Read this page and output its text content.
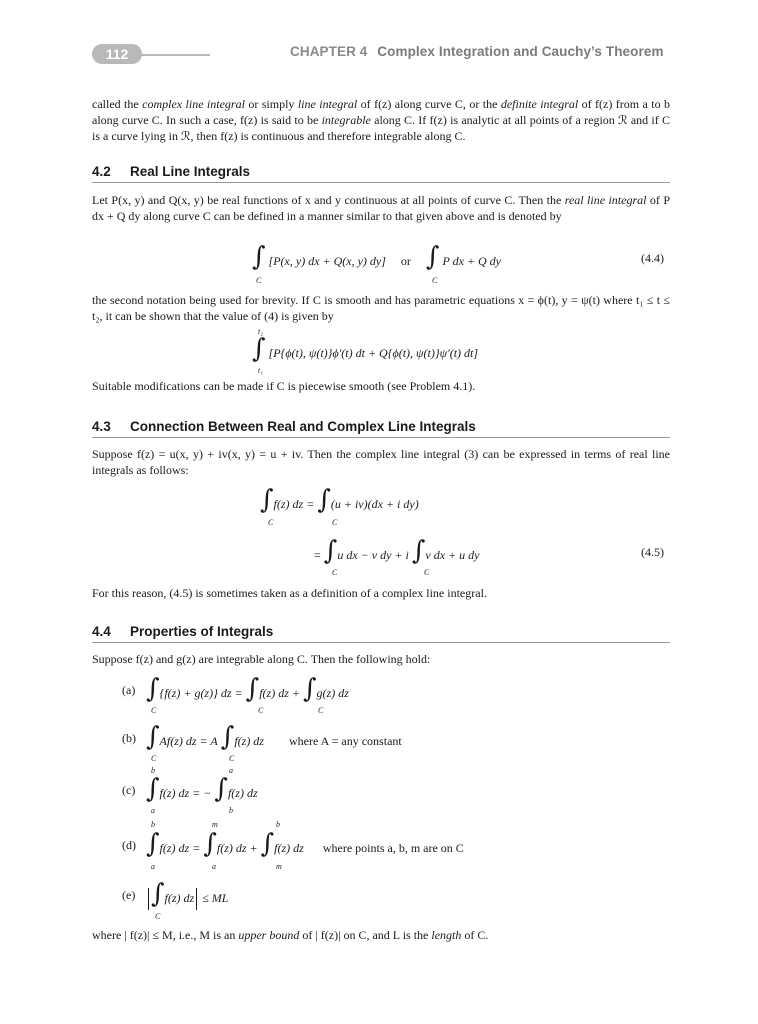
112	CHAPTER 4 Complex Integration and Cauchy’s Theorem
called the complex line integral or simply line integral of f(z) along curve C, or the definite integral of f(z) from a to b along curve C. In such a case, f(z) is said to be integrable along C. If f(z) is analytic at all points of a region ℛ and if C is a curve lying in ℛ, then f(z) is continuous and therefore integrable along C.
4.2 Real Line Integrals
Let P(x, y) and Q(x, y) be real functions of x and y continuous at all points of curve C. Then the real line integral of P dx + Q dy along curve C can be defined in a manner similar to that given above and is denoted by
∫ [P(x, y) dx + Q(x, y) dy] or ∫ P dx + Q dy
C	C
(4.4)
the second notation being used for brevity. If C is smooth and has parametric equations x = ϕ(t), y = ψ(t) where t₁ ≤ t ≤ t₂, it can be shown that the value of (4) is given by
t₂
∫ [P{ϕ(t), ψ(t)}ϕ′(t) dt + Q{ϕ(t), ψ(t)}ψ′(t) dt]
t₁
Suitable modifications can be made if C is piecewise smooth (see Problem 4.1).
4.3 Connection Between Real and Complex Line Integrals
Suppose f(z) = u(x, y) + iv(x, y) = u + iv. Then the complex line integral (3) can be expressed in terms of real line integrals as follows:
∫f(z) dz = ∫(u + iv)(dx + i dy)
C	C
= ∫u dx − v dy + i ∫v dx + u dy
C	C
(4.5)
For this reason, (4.5) is sometimes taken as a definition of a complex line integral.
4.4 Properties of Integrals
Suppose f(z) and g(z) are integrable along C. Then the following hold:
(a) ∫{f(z) + g(z)} dz = ∫f(z) dz + ∫g(z) dz
C	C	C
(b) ∫Af(z) dz = A ∫f(z) dz where A = any constant
C	C
b	a
(c) ∫f(z) dz = − ∫f(z) dz
a	b
b	m	b
(d) ∫f(z) dz = ∫f(z) dz + ∫f(z) dz where points a, b, m are on C
a	a	m
(e) ∫f(z) dz ≤ ML
C
where | f(z)| ≤ M, i.e., M is an upper bound of | f(z)| on C, and L is the length of C.
